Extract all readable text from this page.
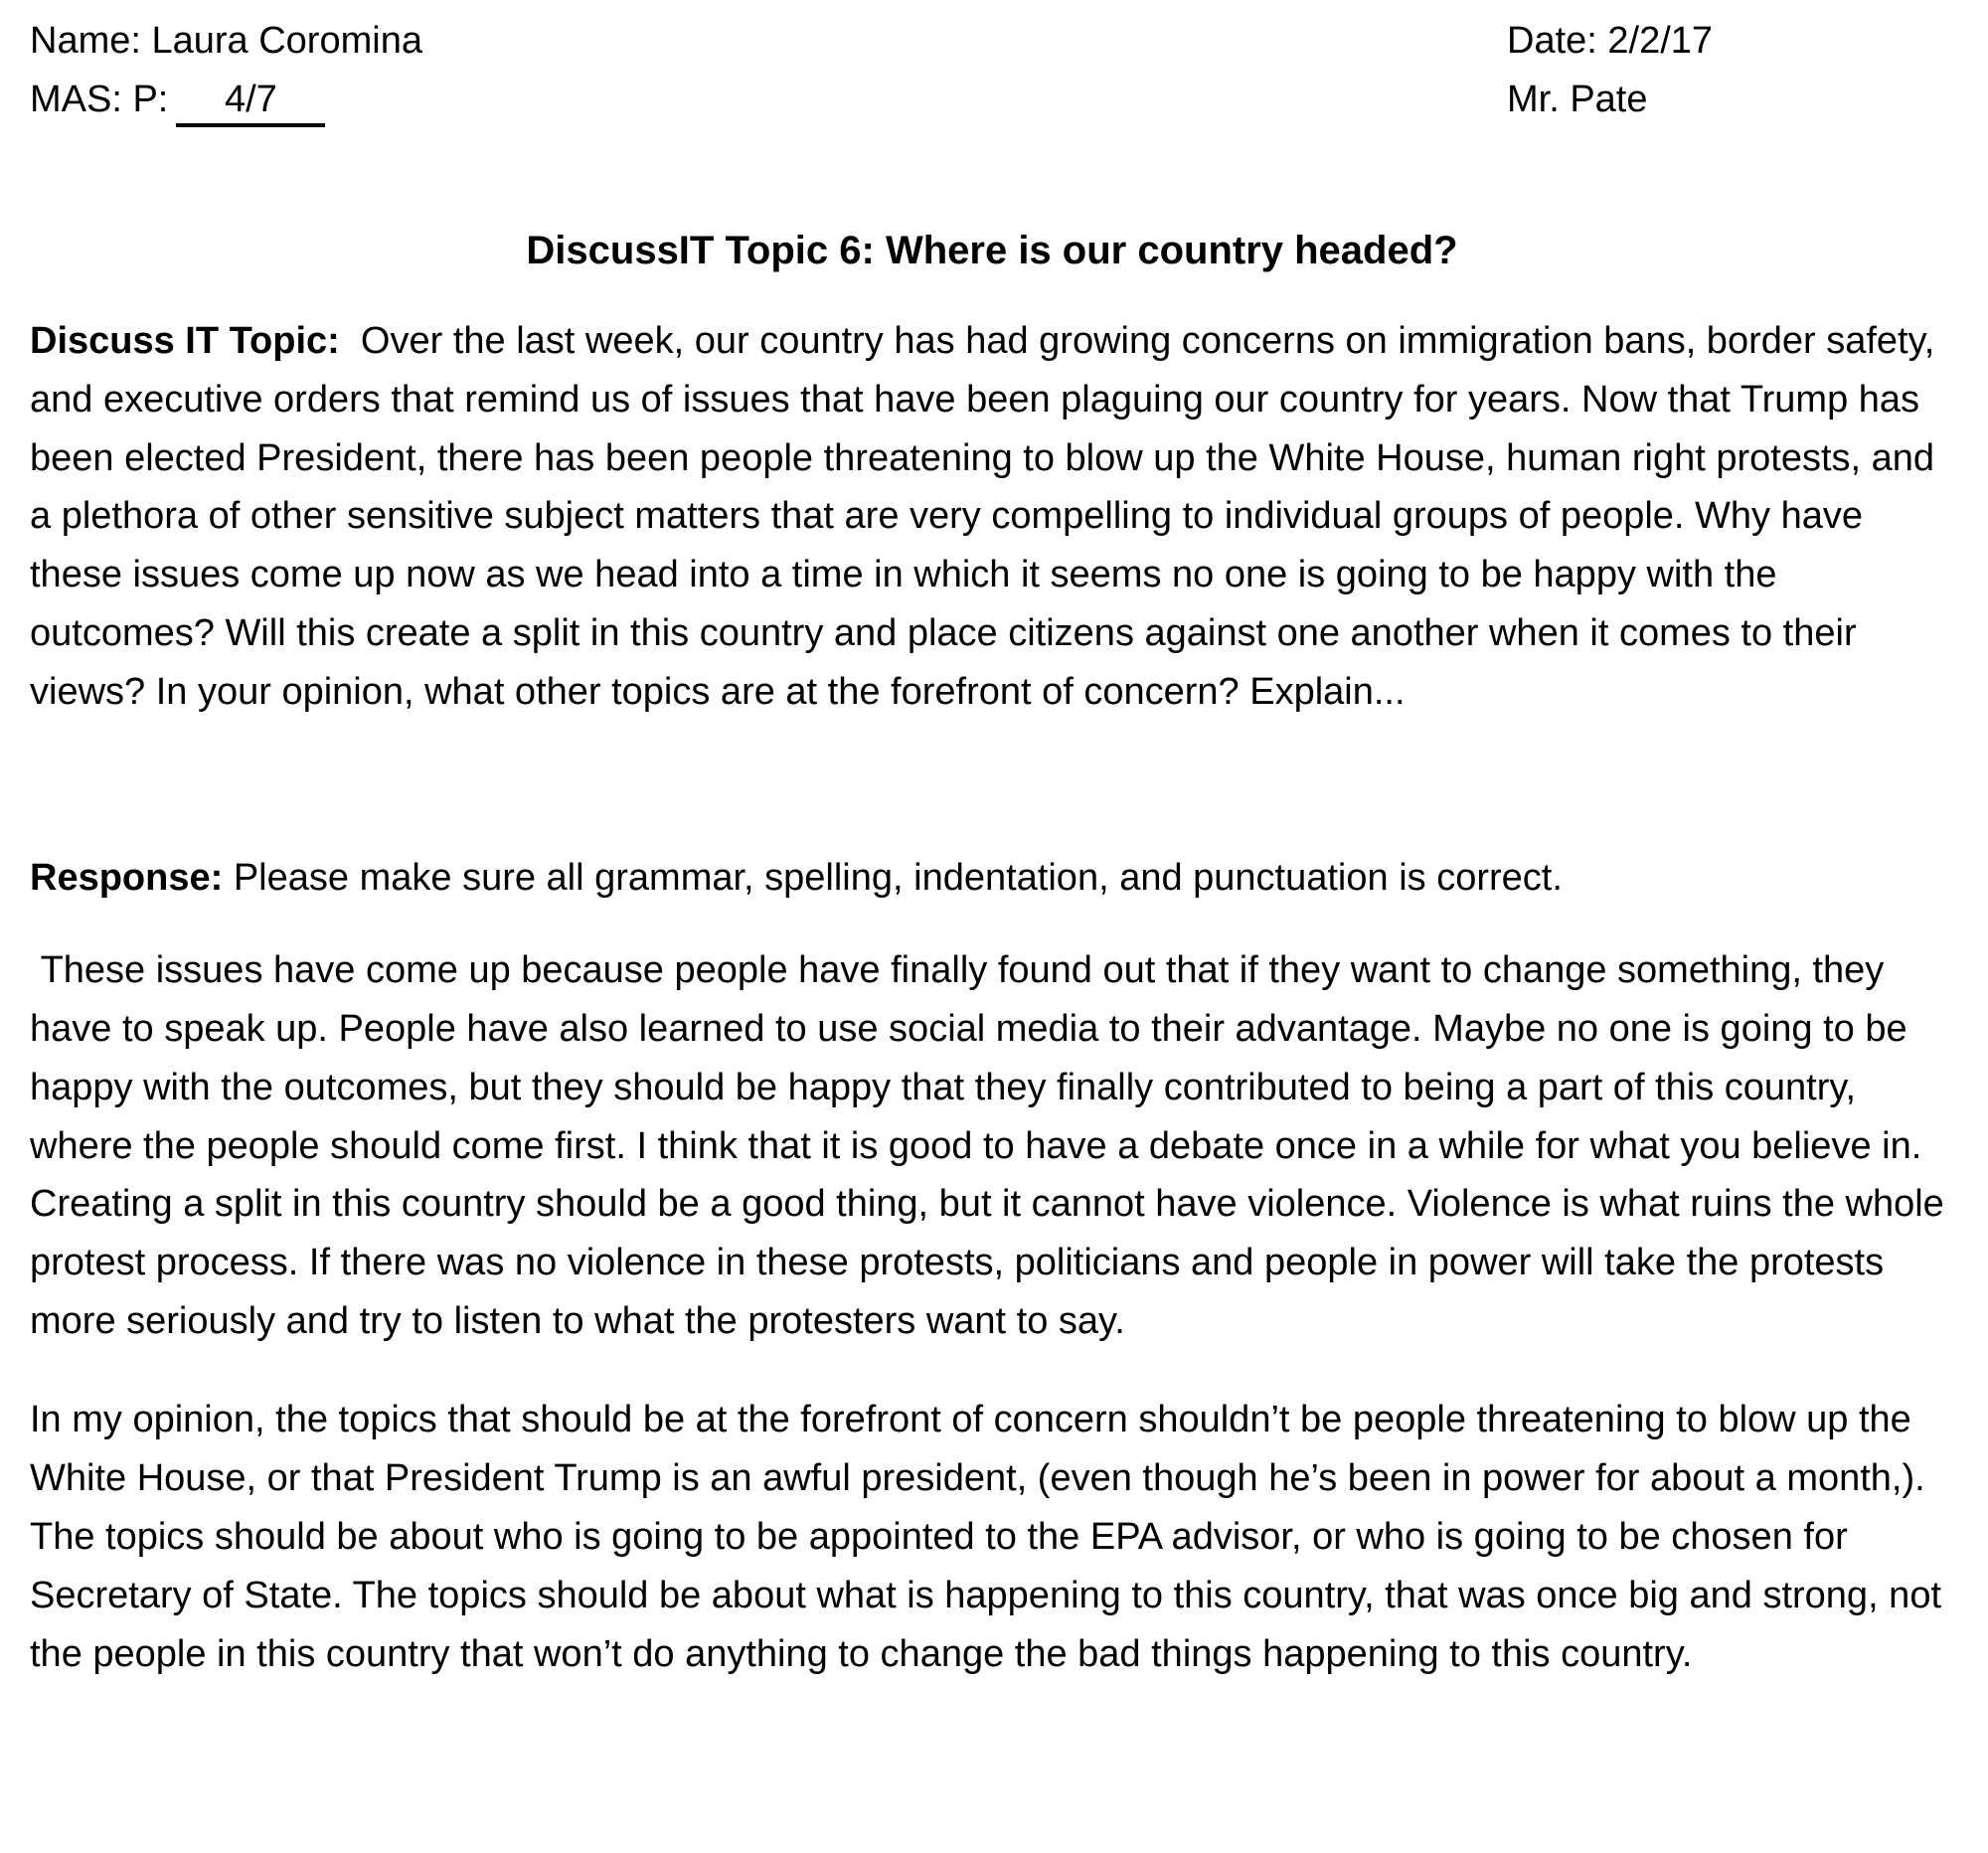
Name: Laura Coromina
MAS: P: 4/7
Date: 2/2/17
Mr. Pate
DiscussIT Topic 6: Where is our country headed?

Discuss IT Topic:  Over the last week, our country has had growing concerns on immigration bans, border safety, and executive orders that remind us of issues that have been plaguing our country for years. Now that Trump has been elected President, there has been people threatening to blow up the White House, human right protests, and a plethora of other sensitive subject matters that are very compelling to individual groups of people. Why have these issues come up now as we head into a time in which it seems no one is going to be happy with the outcomes? Will this create a split in this country and place citizens against one another when it comes to their views? In your opinion, what other topics are at the forefront of concern? Explain...

Response: Please make sure all grammar, spelling, indentation, and punctuation is correct.

These issues have come up because people have finally found out that if they want to change something, they have to speak up. People have also learned to use social media to their advantage. Maybe no one is going to be happy with the outcomes, but they should be happy that they finally contributed to being a part of this country, where the people should come first. I think that it is good to have a debate once in a while for what you believe in. Creating a split in this country should be a good thing, but it cannot have violence. Violence is what ruins the whole protest process. If there was no violence in these protests, politicians and people in power will take the protests more seriously and try to listen to what the protesters want to say.

In my opinion, the topics that should be at the forefront of concern shouldn’t be people threatening to blow up the White House, or that President Trump is an awful president, (even though he’s been in power for about a month,). The topics should be about who is going to be appointed to the EPA advisor, or who is going to be chosen for Secretary of State. The topics should be about what is happening to this country, that was once big and strong, not the people in this country that won’t do anything to change the bad things happening to this country.
